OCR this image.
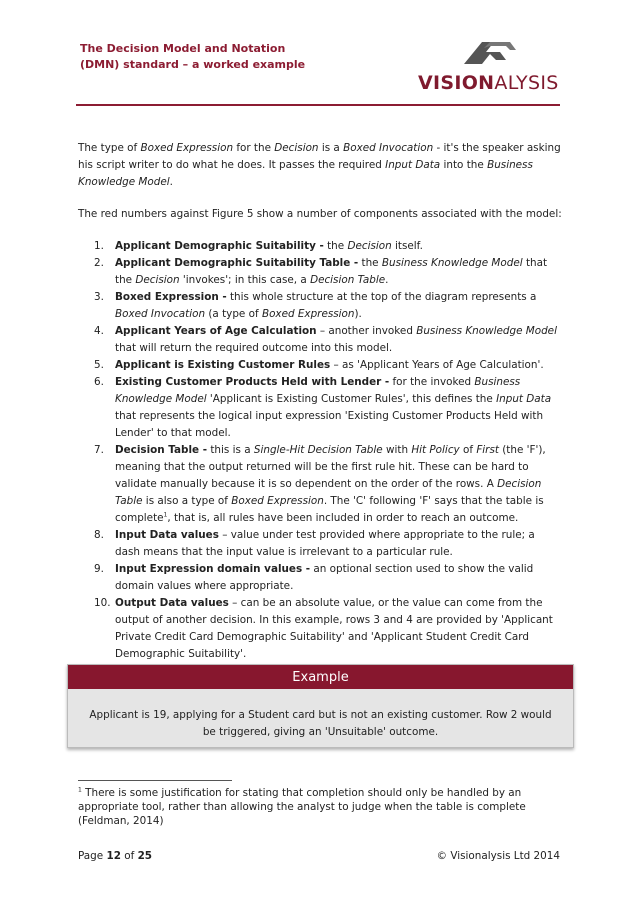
The Decision Model and Notation
(DMN) standard – a worked example
VISIONALYSIS

The type of Boxed Expression for the Decision is a Boxed Invocation - it's the speaker asking his script writer to do what he does. It passes the required Input Data into the Business Knowledge Model.

The red numbers against Figure 5 show a number of components associated with the model:

1. Applicant Demographic Suitability - the Decision itself.
2. Applicant Demographic Suitability Table - the Business Knowledge Model that the Decision 'invokes'; in this case, a Decision Table.
3. Boxed Expression - this whole structure at the top of the diagram represents a Boxed Invocation (a type of Boxed Expression).
4. Applicant Years of Age Calculation – another invoked Business Knowledge Model that will return the required outcome into this model.
5. Applicant is Existing Customer Rules – as 'Applicant Years of Age Calculation'.
6. Existing Customer Products Held with Lender - for the invoked Business Knowledge Model 'Applicant is Existing Customer Rules', this defines the Input Data that represents the logical input expression 'Existing Customer Products Held with Lender' to that model.
7. Decision Table - this is a Single-Hit Decision Table with Hit Policy of First (the 'F'), meaning that the output returned will be the first rule hit. These can be hard to validate manually because it is so dependent on the order of the rows. A Decision Table is also a type of Boxed Expression. The 'C' following 'F' says that the table is complete$^1$, that is, all rules have been included in order to reach an outcome.
8. Input Data values – value under test provided where appropriate to the rule; a dash means that the input value is irrelevant to a particular rule.
9. Input Expression domain values - an optional section used to show the valid domain values where appropriate.
10. Output Data values – can be an absolute value, or the value can come from the output of another decision. In this example, rows 3 and 4 are provided by 'Applicant Private Credit Card Demographic Suitability' and 'Applicant Student Credit Card Demographic Suitability'.
Example
Applicant is 19, applying for a Student card but is not an existing customer. Row 2 would be triggered, giving an 'Unsuitable' outcome.
$^1$ There is some justification for stating that completion should only be handled by an appropriate tool, rather than allowing the analyst to judge when the table is complete (Feldman, 2014)
Page 12 of 25	© Visionalysis Ltd 2014
